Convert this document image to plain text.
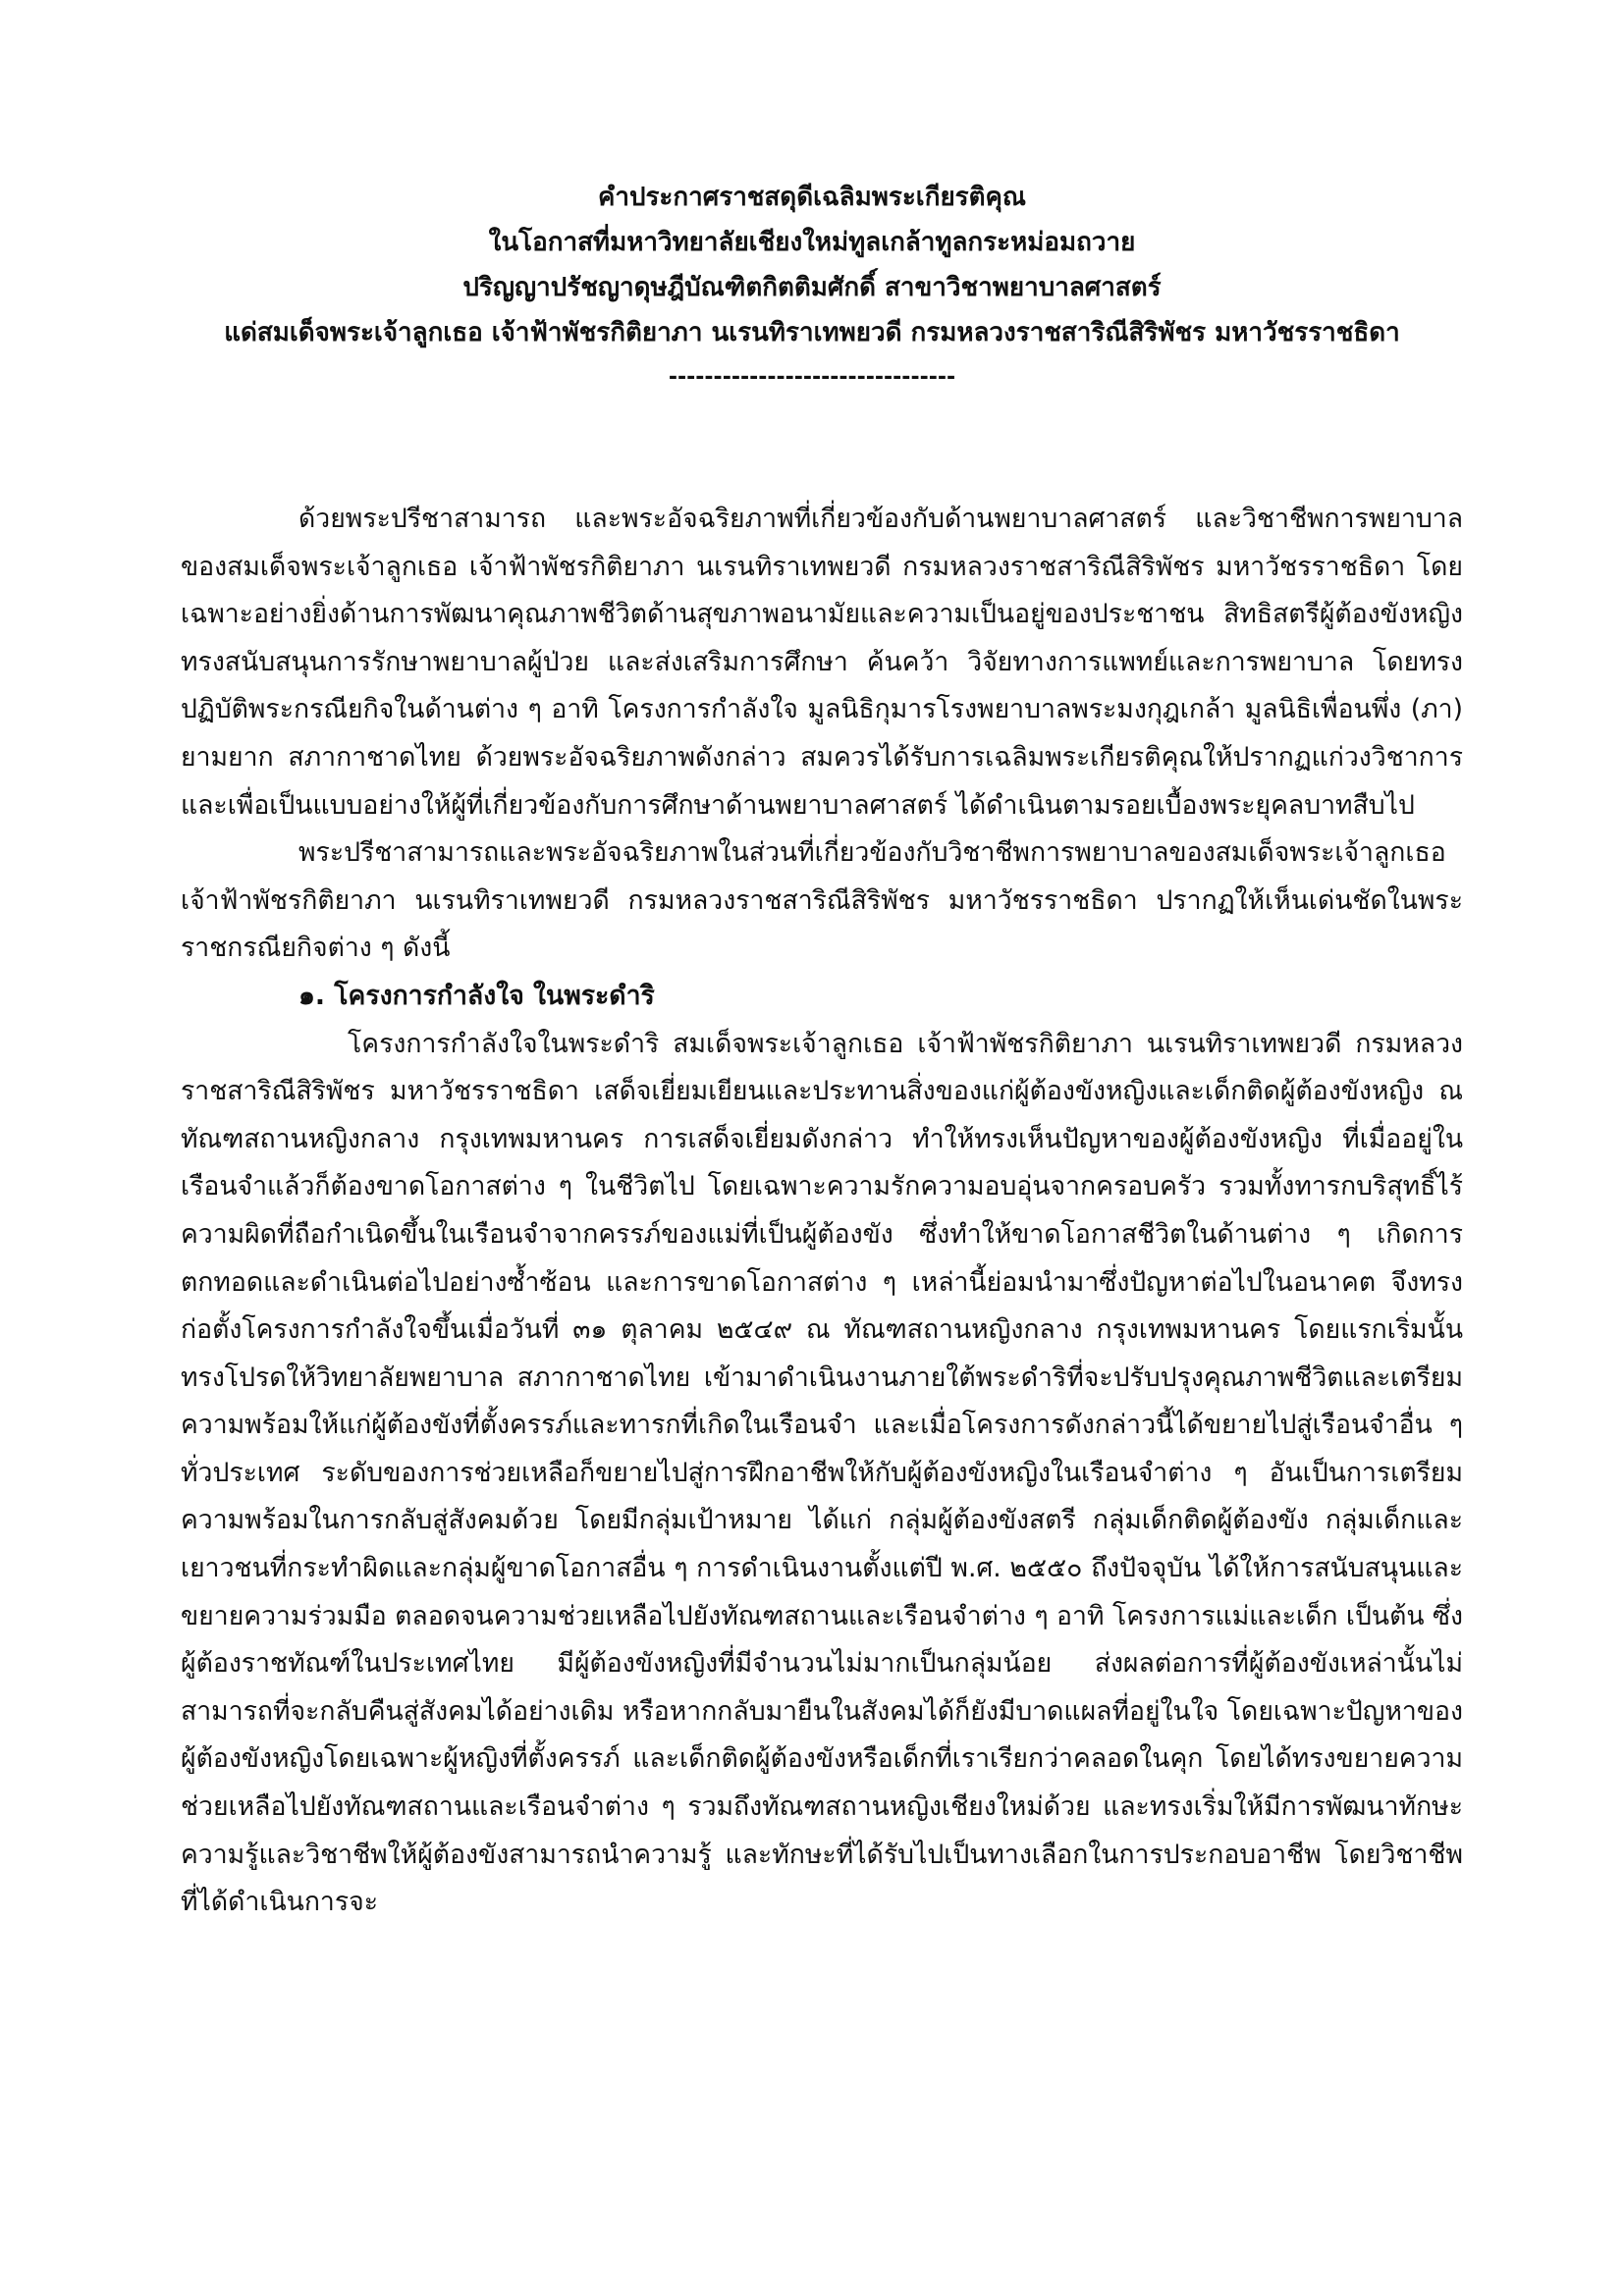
คำประกาศราชสดุดีเฉลิมพระเกียรติคุณ
ในโอกาสที่มหาวิทยาลัยเชียงใหม่ทูลเกล้าทูลกระหม่อมถวาย
ปริญญาปรัชญาดุษฎีบัณฑิตกิตติมศักดิ์ สาขาวิชาพยาบาลศาสตร์
แด่สมเด็จพระเจ้าลูกเธอ เจ้าฟ้าพัชรกิติยาภา นเรนทิราเทพยวดี กรมหลวงราชสาริณีสิริพัชร มหาวัชรราชธิดา
--------------------------------

ด้วยพระปรีชาสามารถ และพระอัจฉริยภาพที่เกี่ยวข้องกับด้านพยาบาลศาสตร์ และวิชาชีพการพยาบาลของสมเด็จพระเจ้าลูกเธอ เจ้าฟ้าพัชรกิติยาภา นเรนทิราเทพยวดี กรมหลวงราชสาริณีสิริพัชร มหาวัชรราชธิดา โดยเฉพาะอย่างยิ่งด้านการพัฒนาคุณภาพชีวิตด้านสุขภาพอนามัยและความเป็นอยู่ของประชาชน สิทธิสตรีผู้ต้องขังหญิง ทรงสนับสนุนการรักษาพยาบาลผู้ป่วย และส่งเสริมการศึกษา ค้นคว้า วิจัยทางการแพทย์และการพยาบาล โดยทรงปฏิบัติพระกรณียกิจในด้านต่าง ๆ อาทิ โครงการกำลังใจ มูลนิธิกุมารโรงพยาบาลพระมงกุฎเกล้า มูลนิธิเพื่อนพึ่ง (ภา) ยามยาก สภากาชาดไทย ด้วยพระอัจฉริยภาพดังกล่าว สมควรได้รับการเฉลิมพระเกียรติคุณให้ปรากฏแก่วงวิชาการและเพื่อเป็นแบบอย่างให้ผู้ที่เกี่ยวข้องกับการศึกษาด้านพยาบาลศาสตร์ ได้ดำเนินตามรอยเบื้องพระยุคลบาทสืบไป

พระปรีชาสามารถและพระอัจฉริยภาพในส่วนที่เกี่ยวข้องกับวิชาชีพการพยาบาลของสมเด็จพระเจ้าลูกเธอ เจ้าฟ้าพัชรกิติยาภา นเรนทิราเทพยวดี กรมหลวงราชสาริณีสิริพัชร มหาวัชรราชธิดา ปรากฏให้เห็นเด่นชัดในพระราชกรณียกิจต่าง ๆ ดังนี้

๑. โครงการกำลังใจ ในพระดำริ

โครงการกำลังใจในพระดำริ สมเด็จพระเจ้าลูกเธอ เจ้าฟ้าพัชรกิติยาภา นเรนทิราเทพยวดี กรมหลวงราชสาริณีสิริพัชร มหาวัชรราชธิดา เสด็จเยี่ยมเยียนและประทานสิ่งของแก่ผู้ต้องขังหญิงและเด็กติดผู้ต้องขังหญิง ณ ทัณฑสถานหญิงกลาง กรุงเทพมหานคร การเสด็จเยี่ยมดังกล่าว ทำให้ทรงเห็นปัญหาของผู้ต้องขังหญิง ที่เมื่ออยู่ในเรือนจำแล้วก็ต้องขาดโอกาสต่าง ๆ ในชีวิตไป โดยเฉพาะความรักความอบอุ่นจากครอบครัว รวมทั้งทารกบริสุทธิ์ไร้ความผิดที่ถือกำเนิดขึ้นในเรือนจำจากครรภ์ของแม่ที่เป็นผู้ต้องขัง ซึ่งทำให้ขาดโอกาสชีวิตในด้านต่าง ๆ เกิดการตกทอดและดำเนินต่อไปอย่างซ้ำซ้อน และการขาดโอกาสต่าง ๆ เหล่านี้ย่อมนำมาซึ่งปัญหาต่อไปในอนาคต จึงทรงก่อตั้งโครงการกำลังใจขึ้นเมื่อวันที่ ๓๑ ตุลาคม ๒๕๔๙ ณ ทัณฑสถานหญิงกลาง กรุงเทพมหานคร โดยแรกเริ่มนั้นทรงโปรดให้วิทยาลัยพยาบาล สภากาชาดไทย เข้ามาดำเนินงานภายใต้พระดำริที่จะปรับปรุงคุณภาพชีวิตและเตรียมความพร้อมให้แก่ผู้ต้องขังที่ตั้งครรภ์และทารกที่เกิดในเรือนจำ และเมื่อโครงการดังกล่าวนี้ได้ขยายไปสู่เรือนจำอื่น ๆ ทั่วประเทศ ระดับของการช่วยเหลือก็ขยายไปสู่การฝึกอาชีพให้กับผู้ต้องขังหญิงในเรือนจำต่าง ๆ อันเป็นการเตรียมความพร้อมในการกลับสู่สังคมด้วย โดยมีกลุ่มเป้าหมาย ได้แก่ กลุ่มผู้ต้องขังสตรี กลุ่มเด็กติดผู้ต้องขัง กลุ่มเด็กและเยาวชนที่กระทำผิดและกลุ่มผู้ขาดโอกาสอื่น ๆ การดำเนินงานตั้งแต่ปี พ.ศ. ๒๕๕๐ ถึงปัจจุบัน ได้ให้การสนับสนุนและขยายความร่วมมือ ตลอดจนความช่วยเหลือไปยังทัณฑสถานและเรือนจำต่าง ๆ อาทิ โครงการแม่และเด็ก เป็นต้น ซึ่งผู้ต้องราชทัณฑ์ในประเทศไทย มีผู้ต้องขังหญิงที่มีจำนวนไม่มากเป็นกลุ่มน้อย ส่งผลต่อการที่ผู้ต้องขังเหล่านั้นไม่สามารถที่จะกลับคืนสู่สังคมได้อย่างเดิม หรือหากกลับมายืนในสังคมได้ก็ยังมีบาดแผลที่อยู่ในใจ โดยเฉพาะปัญหาของผู้ต้องขังหญิงโดยเฉพาะผู้หญิงที่ตั้งครรภ์ และเด็กติดผู้ต้องขังหรือเด็กที่เราเรียกว่าคลอดในคุก โดยได้ทรงขยายความช่วยเหลือไปยังทัณฑสถานและเรือนจำต่าง ๆ รวมถึงทัณฑสถานหญิงเชียงใหม่ด้วย และทรงเริ่มให้มีการพัฒนาทักษะความรู้และวิชาชีพให้ผู้ต้องขังสามารถนำความรู้ และทักษะที่ได้รับไปเป็นทางเลือกในการประกอบอาชีพ โดยวิชาชีพที่ได้ดำเนินการจะ
